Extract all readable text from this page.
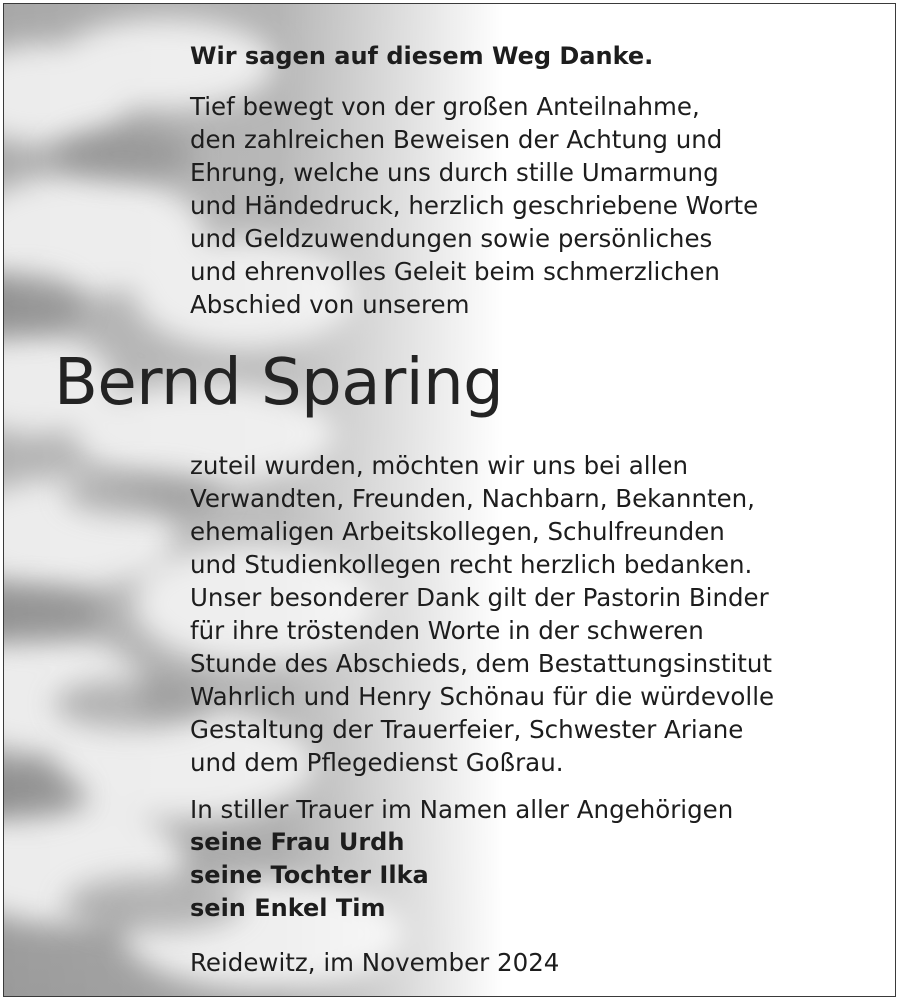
Wir sagen auf diesem Weg Danke.

Tief bewegt von der großen Anteilnahme,
den zahlreichen Beweisen der Achtung und
Ehrung, welche uns durch stille Umarmung
und Händedruck, herzlich geschriebene Worte
und Geldzuwendungen sowie persönliches
und ehrenvolles Geleit beim schmerzlichen
Abschied von unserem

Bernd Sparing

zuteil wurden, möchten wir uns bei allen
Verwandten, Freunden, Nachbarn, Bekannten,
ehemaligen Arbeitskollegen, Schulfreunden
und Studienkollegen recht herzlich bedanken.
Unser besonderer Dank gilt der Pastorin Binder
für ihre tröstenden Worte in der schweren
Stunde des Abschieds, dem Bestattungsinstitut
Wahrlich und Henry Schönau für die würdevolle
Gestaltung der Trauerfeier, Schwester Ariane
und dem Pflegedienst Goßrau.

In stiller Trauer im Namen aller Angehörigen

seine Frau Urdh

seine Tochter Ilka

sein Enkel Tim

Reidewitz, im November 2024
